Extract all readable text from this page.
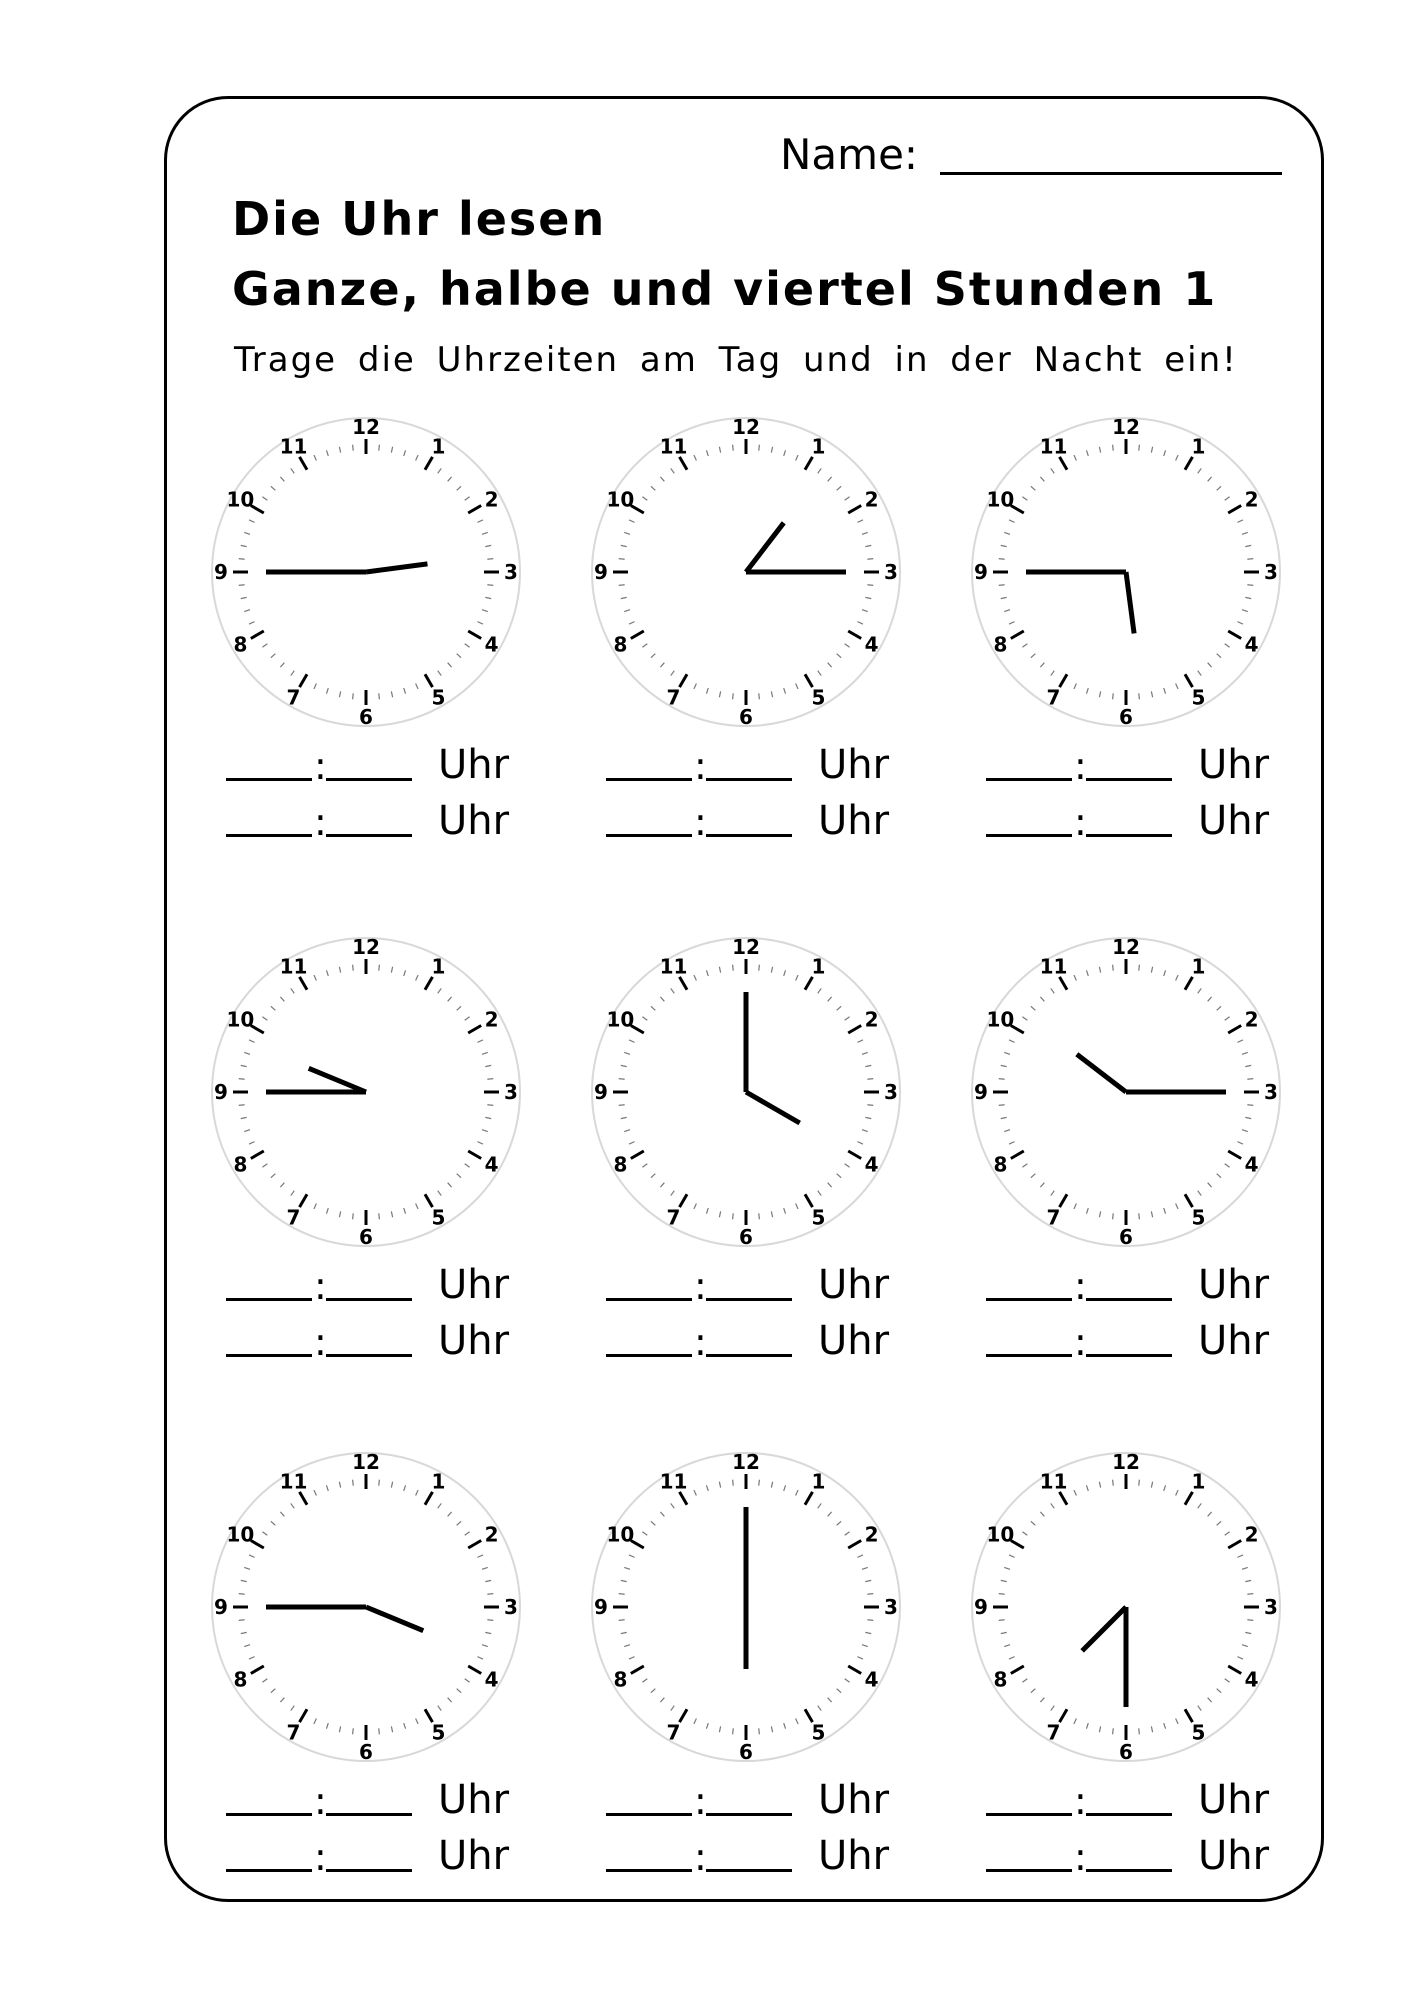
Name:
Die Uhr lesen
Ganze, halbe und viertel Stunden 1
Trage die Uhrzeiten am Tag und in der Nacht ein!
12
1
2
3
4
5
6
7
8
9
10
11
:	Uhr
:	Uhr
12
1
2
3
4
5
6
7
8
9
10
11
:	Uhr
:	Uhr
12
1
2
3
4
5
6
7
8
9
10
11
:	Uhr
:	Uhr
12
1
2
3
4
5
6
7
8
9
10
11
:	Uhr
:	Uhr
12
1
2
3
4
5
6
7
8
9
10
11
:	Uhr
:	Uhr
12
1
2
3
4
5
6
7
8
9
10
11
:	Uhr
:	Uhr
12
1
2
3
4
5
6
7
8
9
10
11
:	Uhr
:	Uhr
12
1
2
3
4
5
6
7
8
9
10
11
:	Uhr
:	Uhr
12
1
2
3
4
5
6
7
8
9
10
11
:	Uhr
:	Uhr
